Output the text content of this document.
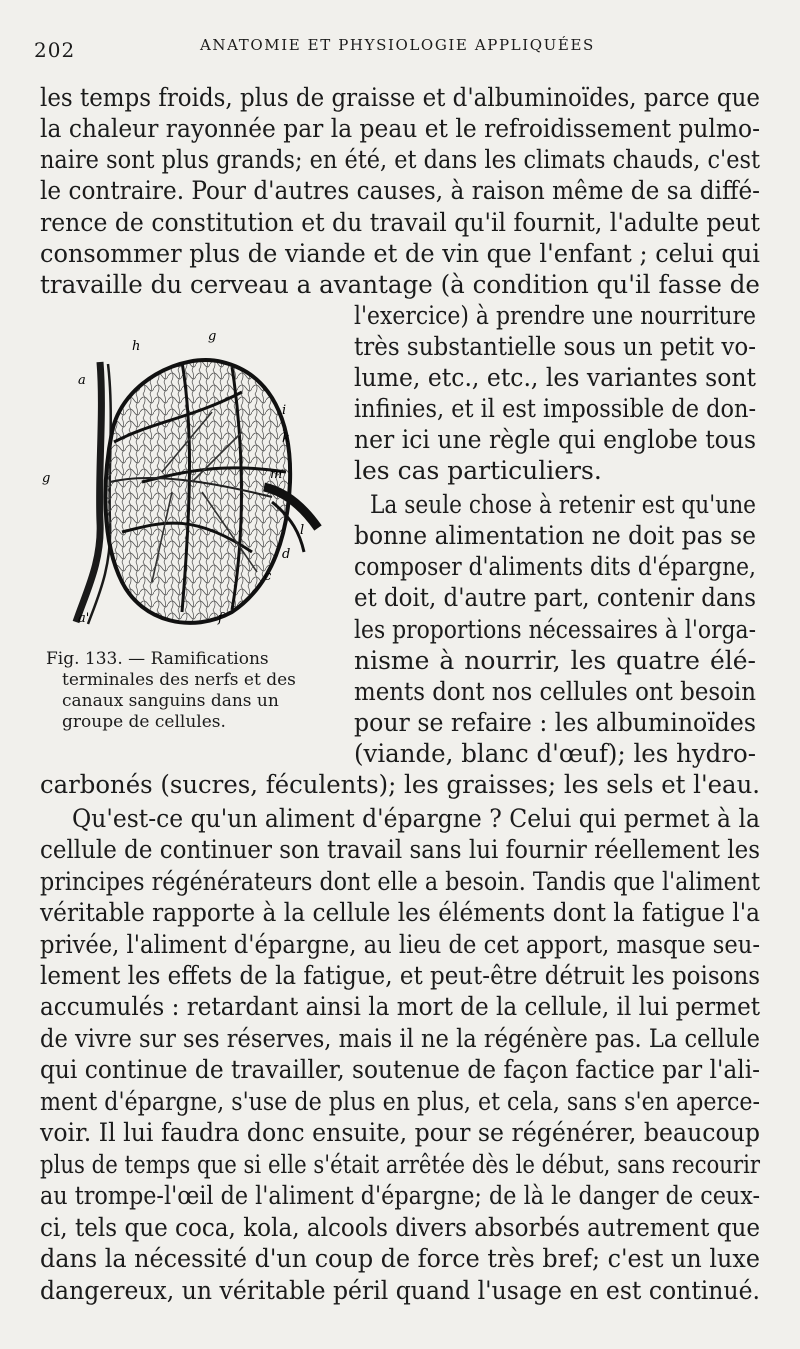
202	ANATOMIE ET PHYSIOLOGIE APPLIQUÉES
les temps froids, plus de graisse et d'albuminoïdes, parce que
la chaleur rayonnée par la peau et le refroidissement pulmo-
naire sont plus grands; en été, et dans les climats chauds, c'est
le contraire. Pour d'autres causes, à raison même de sa diffé-
rence de constitution et du travail qu'il fournit, l'adulte peut
consommer plus de viande et de vin que l'enfant ; celui qui
travaille du cerveau a avantage (à condition qu'il fasse de
l'exercice) à prendre une nourriture
très substantielle sous un petit vo-
lume, etc., etc., les variantes sont
infinies, et il est impossible de don-
ner ici une règle qui englobe tous
les cas particuliers.
La seule chose à retenir est qu'une
bonne alimentation ne doit pas se
composer d'aliments dits d'épargne,
et doit, d'autre part, contenir dans
les proportions nécessaires à l'orga-
nisme à nourrir, les quatre élé-
ments dont nos cellules ont besoin
pour se refaire : les albuminoïdes
(viande, blanc d'œuf); les hydro-
h
g
a
i
k
g	m
l
d
c
f
a'
Fig. 133. — Ramifications
terminales des nerfs et des
canaux sanguins dans un
groupe de cellules.
carbonés (sucres, féculents); les graisses; les sels et l'eau.
Qu'est-ce qu'un aliment d'épargne ? Celui qui permet à la
cellule de continuer son travail sans lui fournir réellement les
principes régénérateurs dont elle a besoin. Tandis que l'aliment
véritable rapporte à la cellule les éléments dont la fatigue l'a
privée, l'aliment d'épargne, au lieu de cet apport, masque seu-
lement les effets de la fatigue, et peut-être détruit les poisons
accumulés : retardant ainsi la mort de la cellule, il lui permet
de vivre sur ses réserves, mais il ne la régénère pas. La cellule
qui continue de travailler, soutenue de façon factice par l'ali-
ment d'épargne, s'use de plus en plus, et cela, sans s'en aperce-
voir. Il lui faudra donc ensuite, pour se régénérer, beaucoup
plus de temps que si elle s'était arrêtée dès le début, sans recourir
au trompe-l'œil de l'aliment d'épargne; de là le danger de ceux-
ci, tels que coca, kola, alcools divers absorbés autrement que
dans la nécessité d'un coup de force très bref; c'est un luxe
dangereux, un véritable péril quand l'usage en est continué.
